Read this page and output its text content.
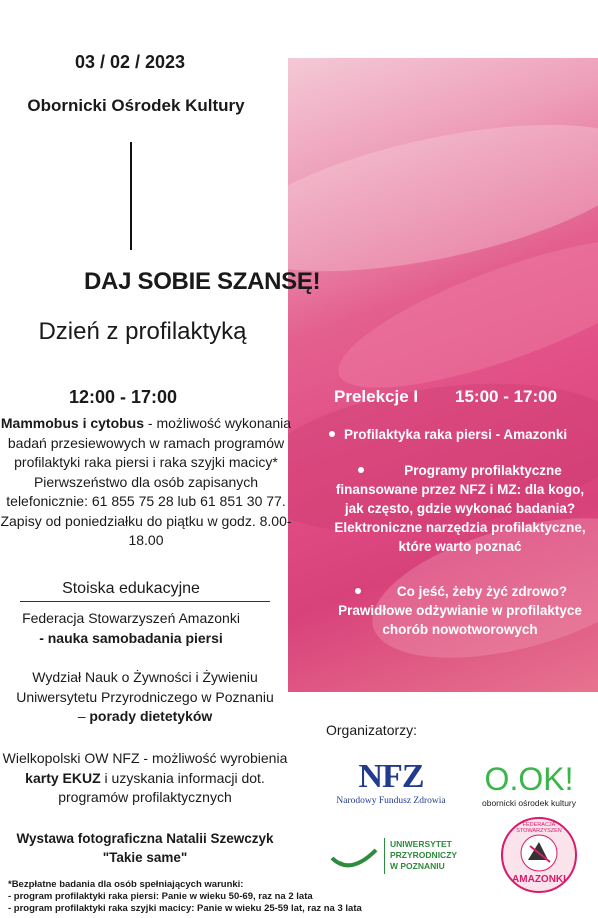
03 / 02 / 2023
Obornicki Ośrodek Kultury
DAJ SOBIE SZANSĘ!
Dzień z profilaktyką
12:00 - 17:00
Mammobus i cytobus - możliwość wykonania badań przesiewowych w ramach programów profilaktyki raka piersi i raka szyjki macicy* Pierwszeństwo dla osób zapisanych telefonicznie: 61 855 75 28 lub 61 851 30 77. Zapisy od poniedziałku do piątku w godz. 8.00-18.00
Stoiska edukacyjne
Federacja Stowarzyszeń Amazonki
- nauka samobadania piersi
Wydział Nauk o Żywności i Żywieniu Uniwersytetu Przyrodniczego w Poznaniu
– porady dietetyków
Wielkopolski OW NFZ - możliwość wyrobienia karty EKUZ i uzyskania informacji dot. programów profilaktycznych
Wystawa fotograficzna Natalii Szewczyk
"Takie same"
Prelekcje I 15:00 - 17:00
Profilaktyka raka piersi - Amazonki
Programy profilaktyczne finansowane przez NFZ i MZ: dla kogo, jak często, gdzie wykonać badania? Elektroniczne narzędzia profilaktyczne, które warto poznać
Co jeść, żeby żyć zdrowo? Prawidłowe odżywianie w profilaktyce chorób nowotworowych
Organizatorzy:
NFZ
Narodowy Fundusz Zdrowia
O.OK!
obornicki ośrodek kultury
UNIWERSYTET
PRZYRODNICZY
W POZNANIU
FEDERACJA STOWARZYSZEŃ
AMAZONKI
*Bezpłatne badania dla osób spełniających warunki:
- program profilaktyki raka piersi: Panie w wieku 50-69, raz na 2 lata
- program profilaktyki raka szyjki macicy: Panie w wieku 25-59 lat, raz na 3 lata
